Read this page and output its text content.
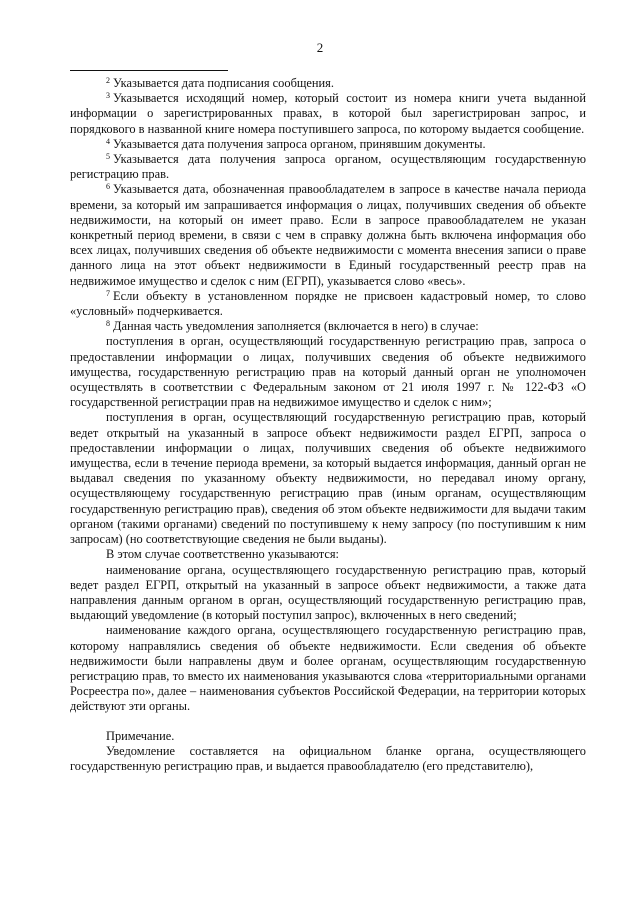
2

$^2$ Указывается дата подписания сообщения.

$^3$ Указывается исходящий номер, который состоит из номера книги учета выданной информации о зарегистрированных правах, в которой был зарегистрирован запрос, и порядкового в названной книге номера поступившего запроса, по которому выдается сообщение.

$^4$ Указывается дата получения запроса органом, принявшим документы.

$^5$ Указывается дата получения запроса органом, осуществляющим государственную регистрацию прав.

$^6$ Указывается дата, обозначенная правообладателем в запросе в качестве начала периода времени, за который им запрашивается информация о лицах, получивших сведения об объекте недвижимости, на который он имеет право. Если в запросе правообладателем не указан конкретный период времени, в связи с чем в справку должна быть включена информация обо всех лицах, получивших сведения об объекте недвижимости с момента внесения записи о праве данного лица на этот объект недвижимости в Единый государственный реестр прав на недвижимое имущество и сделок с ним (ЕГРП), указывается слово «весь».

$^7$ Если объекту в установленном порядке не присвоен кадастровый номер, то слово «условный» подчеркивается.

$^8$ Данная часть уведомления заполняется (включается в него) в случае:

поступления в орган, осуществляющий государственную регистрацию прав, запроса о предоставлении информации о лицах, получивших сведения об объекте недвижимого имущества, государственную регистрацию прав на который данный орган не уполномочен осуществлять в соответствии с Федеральным законом от 21 июля 1997 г. № 122-ФЗ «О государственной регистрации прав на недвижимое имущество и сделок с ним»;

поступления в орган, осуществляющий государственную регистрацию прав, который ведет открытый на указанный в запросе объект недвижимости раздел ЕГРП, запроса о предоставлении информации о лицах, получивших сведения об объекте недвижимого имущества, если в течение периода времени, за который выдается информация, данный орган не выдавал сведения по указанному объекту недвижимости, но передавал иному органу, осуществляющему государственную регистрацию прав (иным органам, осуществляющим государственную регистрацию прав), сведения об этом объекте недвижимости для выдачи таким органом (такими органами) сведений по поступившему к нему запросу (по поступившим к ним запросам) (но соответствующие сведения не были выданы).

В этом случае соответственно указываются:

наименование органа, осуществляющего государственную регистрацию прав, который ведет раздел ЕГРП, открытый на указанный в запросе объект недвижимости, а также дата направления данным органом в орган, осуществляющий государственную регистрацию прав, выдающий уведомление (в который поступил запрос), включенных в него сведений;

наименование каждого органа, осуществляющего государственную регистрацию прав, которому направлялись сведения об объекте недвижимости. Если сведения об объекте недвижимости были направлены двум и более органам, осуществляющим государственную регистрацию прав, то вместо их наименования указываются слова «территориальными органами Росреестра по», далее – наименования субъектов Российской Федерации, на территории которых действуют эти органы.

Примечание.

Уведомление составляется на официальном бланке органа, осуществляющего государственную регистрацию прав, и выдается правообладателю (его представителю),
